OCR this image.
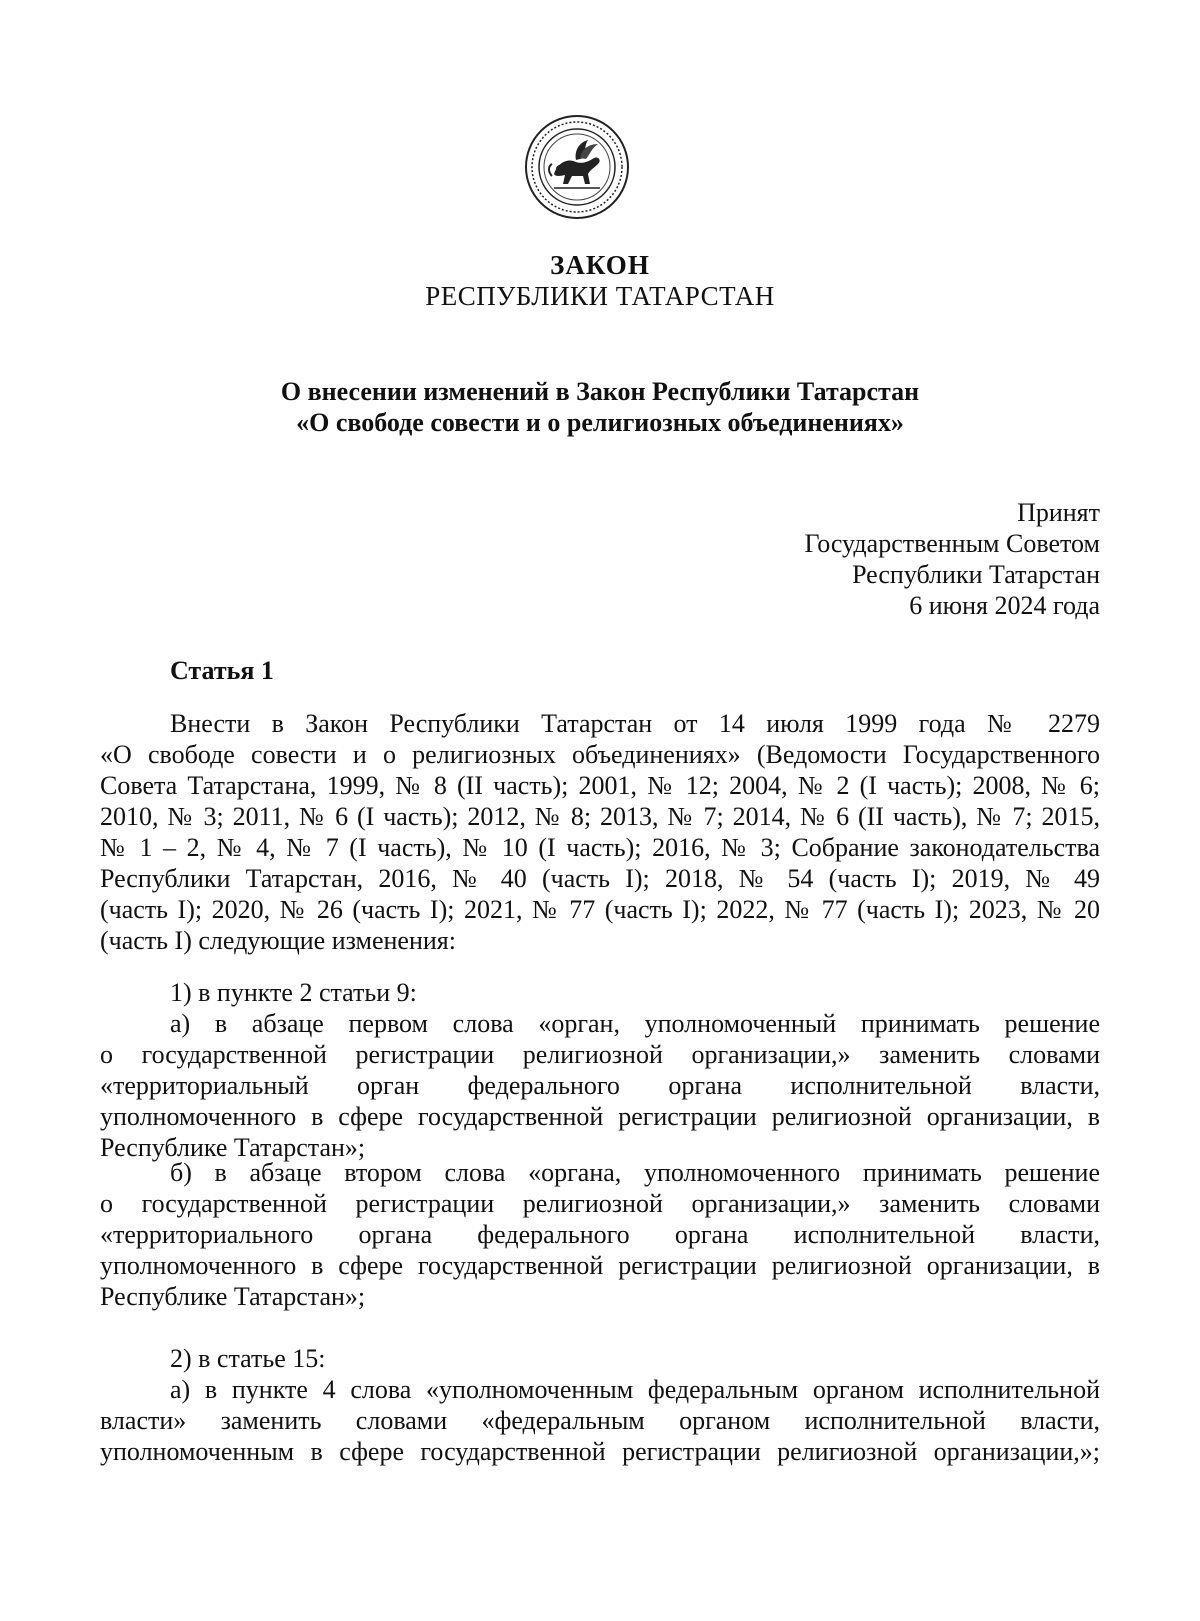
ЗАКОН
РЕСПУБЛИКИ ТАТАРСТАН
О внесении изменений в Закон Республики Татарстан
«О свободе совести и о религиозных объединениях»
Принят
Государственным Советом
Республики Татарстан
6 июня 2024 года
Статья 1
Внести в Закон Республики Татарстан от 14 июля 1999 года № 2279
«О свободе совести и о религиозных объединениях» (Ведомости Государственного
Совета Татарстана, 1999, № 8 (II часть); 2001, № 12; 2004, № 2 (I часть); 2008, № 6;
2010, № 3; 2011, № 6 (I часть); 2012, № 8; 2013, № 7; 2014, № 6 (II часть), № 7; 2015,
№ 1 – 2, № 4, № 7 (I часть), № 10 (I часть); 2016, № 3; Собрание законодательства
Республики Татарстан, 2016, № 40 (часть I); 2018, № 54 (часть I); 2019, № 49
(часть I); 2020, № 26 (часть I); 2021, № 77 (часть I); 2022, № 77 (часть I); 2023, № 20
(часть I) следующие изменения:
1) в пункте 2 статьи 9:
а) в абзаце первом слова «орган, уполномоченный принимать решение
о государственной регистрации религиозной организации,» заменить словами
«территориальный орган федерального органа исполнительной власти,
уполномоченного в сфере государственной регистрации религиозной организации, в
Республике Татарстан»;
б) в абзаце втором слова «органа, уполномоченного принимать решение
о государственной регистрации религиозной организации,» заменить словами
«территориального органа федерального органа исполнительной власти,
уполномоченного в сфере государственной регистрации религиозной организации, в
Республике Татарстан»;
2) в статье 15:
а) в пункте 4 слова «уполномоченным федеральным органом исполнительной
власти» заменить словами «федеральным органом исполнительной власти,
уполномоченным в сфере государственной регистрации религиозной организации,»;
